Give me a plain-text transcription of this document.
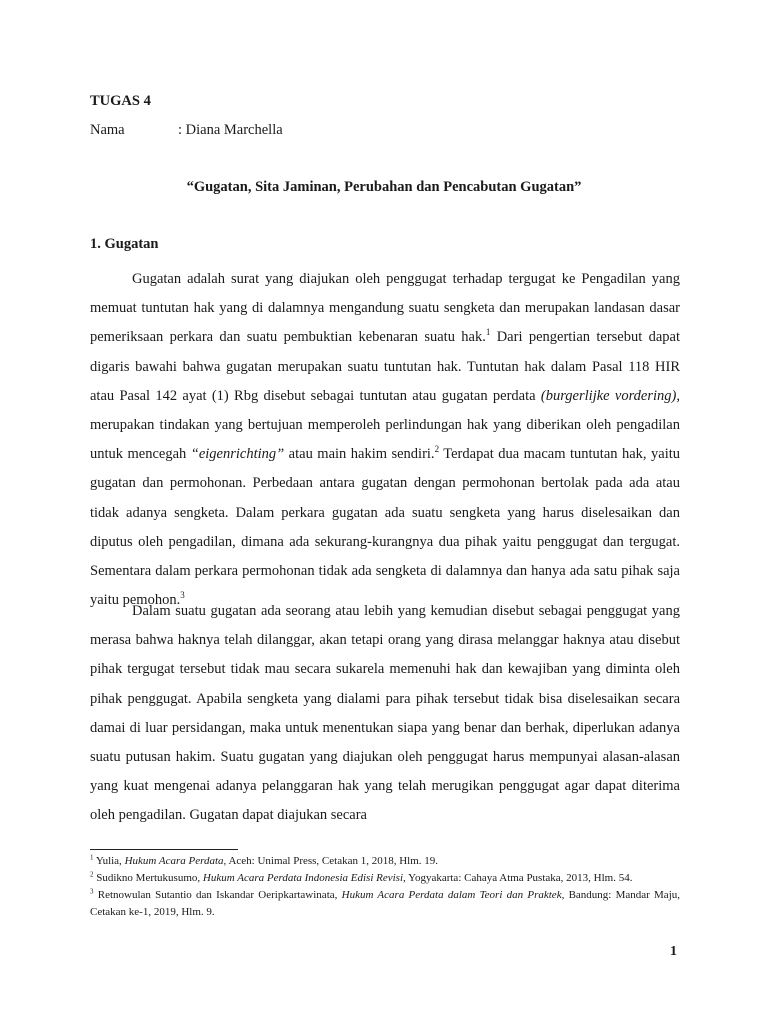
TUGAS 4
Nama	: Diana Marchella
“Gugatan, Sita Jaminan, Perubahan dan Pencabutan Gugatan”
1. Gugatan

Gugatan adalah surat yang diajukan oleh penggugat terhadap tergugat ke Pengadilan yang memuat tuntutan hak yang di dalamnya mengandung suatu sengketa dan merupakan landasan dasar pemeriksaan perkara dan suatu pembuktian kebenaran suatu hak.$^1$ Dari pengertian tersebut dapat digaris bawahi bahwa gugatan merupakan suatu tuntutan hak. Tuntutan hak dalam Pasal 118 HIR atau Pasal 142 ayat (1) Rbg disebut sebagai tuntutan atau gugatan perdata (burgerlijke vordering), merupakan tindakan yang bertujuan memperoleh perlindungan hak yang diberikan oleh pengadilan untuk mencegah “eigenrichting” atau main hakim sendiri.$^2$ Terdapat dua macam tuntutan hak, yaitu gugatan dan permohonan. Perbedaan antara gugatan dengan permohonan bertolak pada ada atau tidak adanya sengketa. Dalam perkara gugatan ada suatu sengketa yang harus diselesaikan dan diputus oleh pengadilan, dimana ada sekurang-kurangnya dua pihak yaitu penggugat dan tergugat. Sementara dalam perkara permohonan tidak ada sengketa di dalamnya dan hanya ada satu pihak saja yaitu pemohon.$^3$

Dalam suatu gugatan ada seorang atau lebih yang kemudian disebut sebagai penggugat yang merasa bahwa haknya telah dilanggar, akan tetapi orang yang dirasa melanggar haknya atau disebut pihak tergugat tersebut tidak mau secara sukarela memenuhi hak dan kewajiban yang diminta oleh pihak penggugat. Apabila sengketa yang dialami para pihak tersebut tidak bisa diselesaikan secara damai di luar persidangan, maka untuk menentukan siapa yang benar dan berhak, diperlukan adanya suatu putusan hakim. Suatu gugatan yang diajukan oleh penggugat harus mempunyai alasan-alasan yang kuat mengenai adanya pelanggaran hak yang telah merugikan penggugat agar dapat diterima oleh pengadilan. Gugatan dapat diajukan secara

$^1$ Yulia, Hukum Acara Perdata, Aceh: Unimal Press, Cetakan 1, 2018, Hlm. 19.

$^2$ Sudikno Mertukusumo, Hukum Acara Perdata Indonesia Edisi Revisi, Yogyakarta: Cahaya Atma Pustaka, 2013, Hlm. 54.

$^3$ Retnowulan Sutantio dan Iskandar Oeripkartawinata, Hukum Acara Perdata dalam Teori dan Praktek, Bandung: Mandar Maju, Cetakan ke-1, 2019, Hlm. 9.

1
